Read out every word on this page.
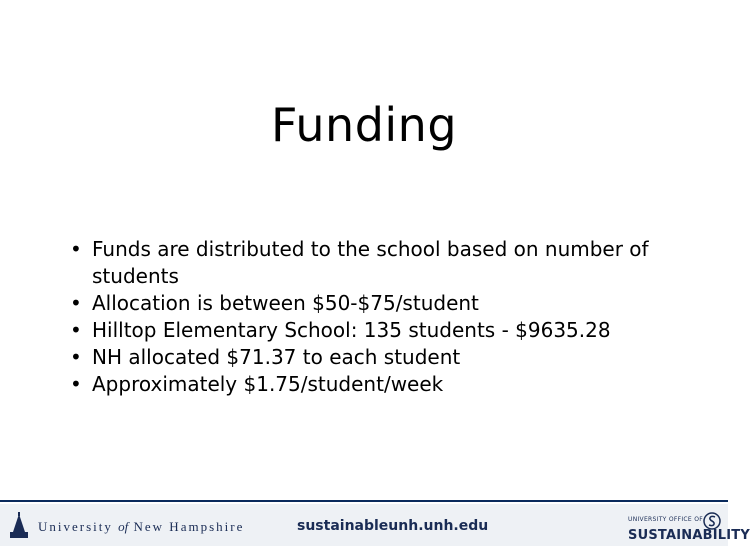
Funding
• Funds are distributed to the school based on number of students
• Allocation is between $50-$75/student
• Hilltop Elementary School: 135 students - $9635.28
• NH allocated $71.37 to each student
• Approximately $1.75/student/week
University of New Hampshire	sustainableunh.unh.edu	UNIVERSITY OFFICE OF
SUSTAINABILITY
